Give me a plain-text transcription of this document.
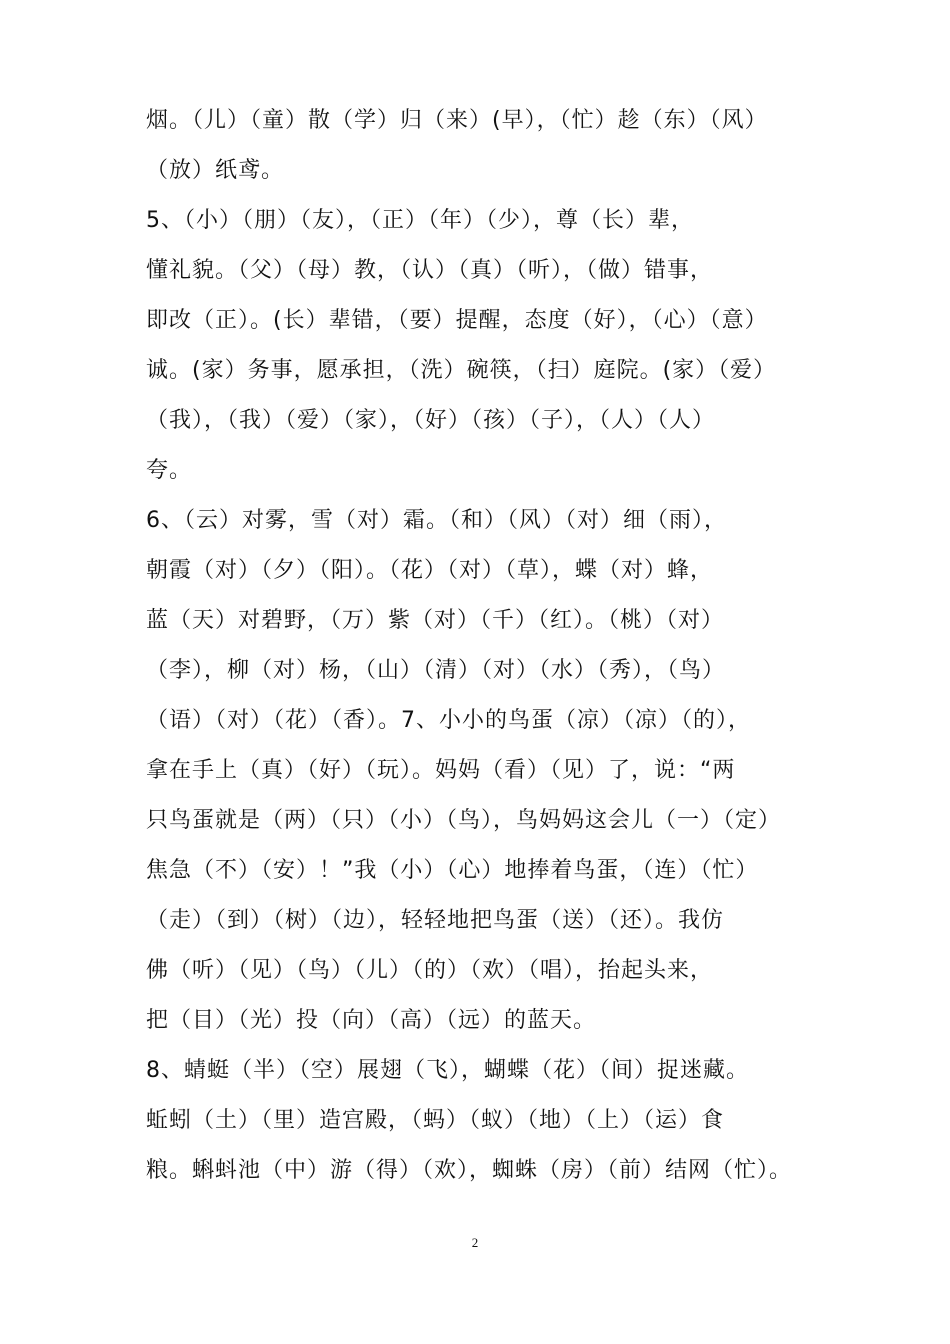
烟。（儿）（童）散（学）归（来）(早），（忙）趁（东）（风）
（放）纸鸢。
5、（小）（朋）（友），（正）（年）（少），尊（长）辈，
懂礼貌。（父）（母）教，（认）（真）（听），（做）错事，
即改（正）。(长）辈错，（要）提醒，态度（好），（心）（意）
诚。(家）务事，愿承担，（洗）碗筷，（扫）庭院。(家）（爱）
（我），（我）（爱）（家），（好）（孩）（子），（人）（人）
夸。
6、（云）对雾，雪（对）霜。（和）（风）（对）细（雨），
朝霞（对）（夕）（阳）。（花）（对）（草），蝶（对）蜂，
蓝（天）对碧野，（万）紫（对）（千）（红）。（桃）（对）
（李），柳（对）杨，（山）（清）（对）（水）（秀），（鸟）
（语）（对）（花）（香）。7、小小的鸟蛋（凉）（凉）（的），
拿在手上（真）（好）（玩）。妈妈（看）（见）了，说：“两
只鸟蛋就是（两）（只）（小）（鸟），鸟妈妈这会儿（一）（定）
焦急（不）（安）！”我（小）（心）地捧着鸟蛋，（连）（忙）
（走）（到）（树）（边），轻轻地把鸟蛋（送）（还）。我仿
佛（听）（见）（鸟）（儿）（的）（欢）（唱），抬起头来，
把（目）（光）投（向）（高）（远）的蓝天。
8、蜻蜓（半）（空）展翅（飞），蝴蝶（花）（间）捉迷藏。
蚯蚓（土）（里）造宫殿，（蚂）（蚁）（地）（上）（运）食
粮。蝌蚪池（中）游（得）（欢），蜘蛛（房）（前）结网（忙）。
2
